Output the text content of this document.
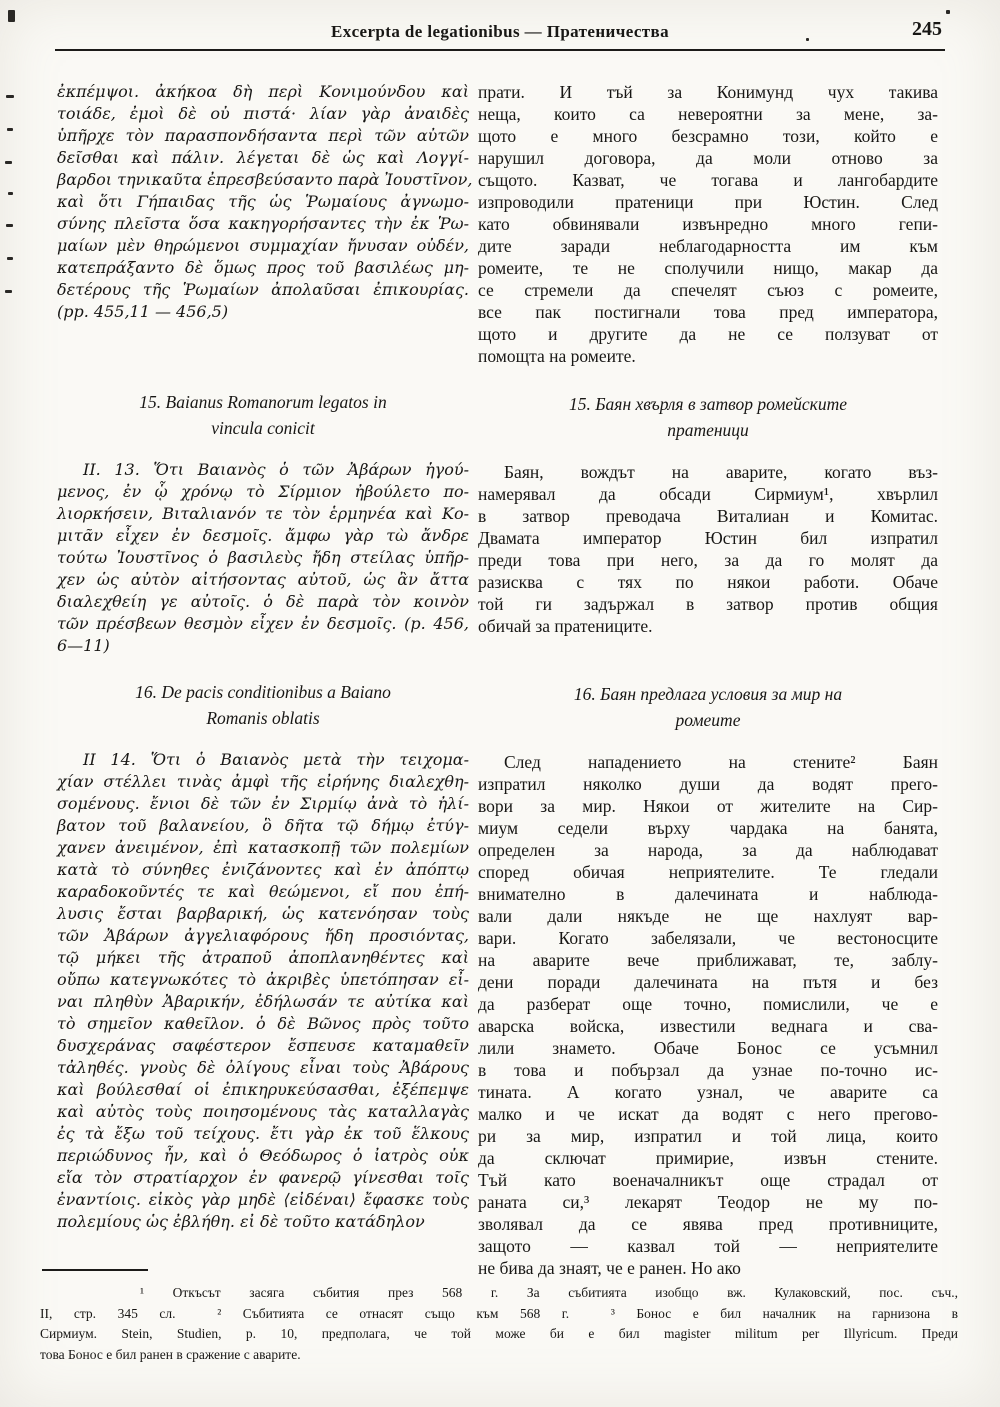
Excerpta de legationibus — Пратеничества	245
ἐκπέμψοι. ἀκήκοα δὴ περὶ Κονιμούνδου καὶ
τοιάδε, ἐμοὶ δὲ οὐ πιστά· λίαν γὰρ ἀναιδὲς
ὑπῆρχε τὸν παρασπονδήσαντα περὶ τῶν αὐτῶν
δεῖσθαι καὶ πάλιν. λέγεται δὲ ὡς καὶ Λογγί-
βαρδοι τηνικαῦτα ἐπρεσβεύσαντο παρὰ Ἰουστῖνον,
καὶ ὅτι Γήπαιδας τῆς ὡς Ῥωμαίους ἀγνωμο-
σύνης πλεῖστα ὅσα κακηγορήσαντες τὴν ἐκ Ῥω-
μαίων μὲν θηρώμενοι συμμαχίαν ἤνυσαν οὐδέν,
κατεπράξαντο δὲ ὅμως προς τοῦ βασιλέως μη-
δετέρους τῆς Ῥωμαίων ἀπολαῦσαι ἐπικουρίας.
(pp. 455,11 — 456,5)
15. Baianus Romanorum legatos in
vincula conicit
II. 13. Ὅτι Βαιανὸς ὁ τῶν Ἀβάρων ἡγού-
μενος, ἐν ᾧ χρόνῳ τὸ Σίρμιον ἠβούλετο πο-
λιορκήσειν, Βιταλιανόν τε τὸν ἑρμηνέα καὶ Κο-
μιτᾶν εἶχεν ἐν δεσμοῖς. ἄμφω γὰρ τὼ ἄνδρε
τούτω Ἰουστῖνος ὁ βασιλεὺς ἤδη στείλας ὑπῆρ-
χεν ὡς αὐτὸν αἰτήσοντας αὐτοῦ, ὡς ἂν ἄττα
διαλεχθείη γε αὐτοῖς. ὁ δὲ παρὰ τὸν κοινὸν
τῶν πρέσβεων θεσμὸν εἶχεν ἐν δεσμοῖς. (p. 456,
6—11)
16. De pacis conditionibus a Baiano
Romanis oblatis
II 14. Ὅτι ὁ Βαιανὸς μετὰ τὴν τειχομα-
χίαν στέλλει τινὰς ἀμφὶ τῆς εἰρήνης διαλεχθη-
σομένους. ἔνιοι δὲ τῶν ἐν Σιρμίῳ ἀνὰ τὸ ἠλί-
βατον τοῦ βαλανείου, ὃ δῆτα τῷ δήμῳ ἐτύγ-
χανεν ἀνειμένον, ἐπὶ κατασκοπῇ τῶν πολεμίων
κατὰ τὸ σύνηθες ἐνιζάνοντες καὶ ἐν ἀπόπτῳ
καραδοκοῦντές τε καὶ θεώμενοι, εἴ που ἐπή-
λυσις ἔσται βαρβαρική, ὡς κατενόησαν τοὺς
τῶν Ἀβάρων ἀγγελιαφόρους ἤδη προσιόντας,
τῷ μήκει τῆς ἀτραποῦ ἀποπλανηθέντες καὶ
οὔπω κατεγνωκότες τὸ ἀκριβὲς ὑπετόπησαν εἶ-
ναι πληθὺν Ἀβαρικήν, ἐδήλωσάν τε αὐτίκα καὶ
τὸ σημεῖον καθεῖλον. ὁ δὲ Βῶνος πρὸς τοῦτο
δυσχεράνας σαφέστερον ἔσπευσε καταμαθεῖν
τἀληθές. γνοὺς δὲ ὀλίγους εἶναι τοὺς Ἀβάρους
καὶ βούλεσθαί οἱ ἐπικηρυκεύσασθαι, ἐξέπεμψε
καὶ αὐτὸς τοὺς ποιησομένους τὰς καταλλαγὰς
ἐς τὰ ἔξω τοῦ τείχους. ἔτι γὰρ ἐκ τοῦ ἕλκους
περιώδυνος ἦν, καὶ ὁ Θεόδωρος ὁ ἰατρὸς οὐκ
εἴα τὸν στρατίαρχον ἐν φανερῷ γίνεσθαι τοῖς
ἐναντίοις. εἰκὸς γὰρ μηδὲ ⟨εἰδέναι⟩ ἔφασκε τοὺς
πολεμίους ὡς ἐβλήθη. εἰ δὲ τοῦτο κατάδηλον
прати. И тъй за Конимунд чух такива
неща, които са невероятни за мене, за-
щото е много безсрамно този, който е
нарушил договора, да моли отново за
същото. Казват, че тогава и лангобардите
изпроводили пратеници при Юстин. След
като обвинявали извънредно много гепи-
дите заради неблагодарността им към
ромеите, те не сполучили нищо, макар да
се стремели да спечелят съюз с ромеите,
все пак постигнали това пред императора,
щото и другите да не се ползуват от
помощта на ромеите.
15. Баян хвърля в затвор ромейските
пратеници
Баян, вождът на аварите, когато въз-
намерявал да обсади Сирмиум¹, хвърлил
в затвор преводача Виталиан и Комитас.
Двамата император Юстин бил изпратил
преди това при него, за да го молят да
разисква с тях по някои работи. Обаче
той ги задържал в затвор против общия
обичай за пратениците.
16. Баян предлага условия за мир на
ромеите
След нападението на стените² Баян
изпратил няколко души да водят прего-
вори за мир. Някои от жителите на Сир-
миум седели върху чардака на банята,
определен за народа, за да наблюдават
според обичая неприятелите. Те гледали
внимателно в далечината и наблюда-
вали дали някъде не ще нахлуят вар-
вари. Когато забелязали, че вестоносците
на аварите вече приближават, те, заблу-
дени поради далечината на пътя и без
да разберат още точно, помислили, че е
аварска войска, известили веднага и сва-
лили знамето. Обаче Бонос се усъмнил
в това и побързал да узнае по-точно ис-
тината. А когато узнал, че аварите са
малко и че искат да водят с него прегово-
ри за мир, изпратил и той лица, които
да сключат примирие, извън стените.
Тъй като военачалникът още страдал от
раната си,³ лекарят Теодор не му по-
зволявал да се явява пред противниците,
защото — казвал той — неприятелите
не бива да знаят, че е ранен. Но ако
¹ Откъсът засяга събития през 568 г. За събитията изобщо вж. Кулаковский, пос. съч.,
II, стр. 345 сл.   ² Събитията се отнасят също към 568 г.   ³ Бонос е бил началник на гарнизона в
Сирмиум. Stein, Studien, p. 10, предполага, че той може би е бил magister militum per Illyricum. Преди
това Бонос е бил ранен в сражение с аварите.
